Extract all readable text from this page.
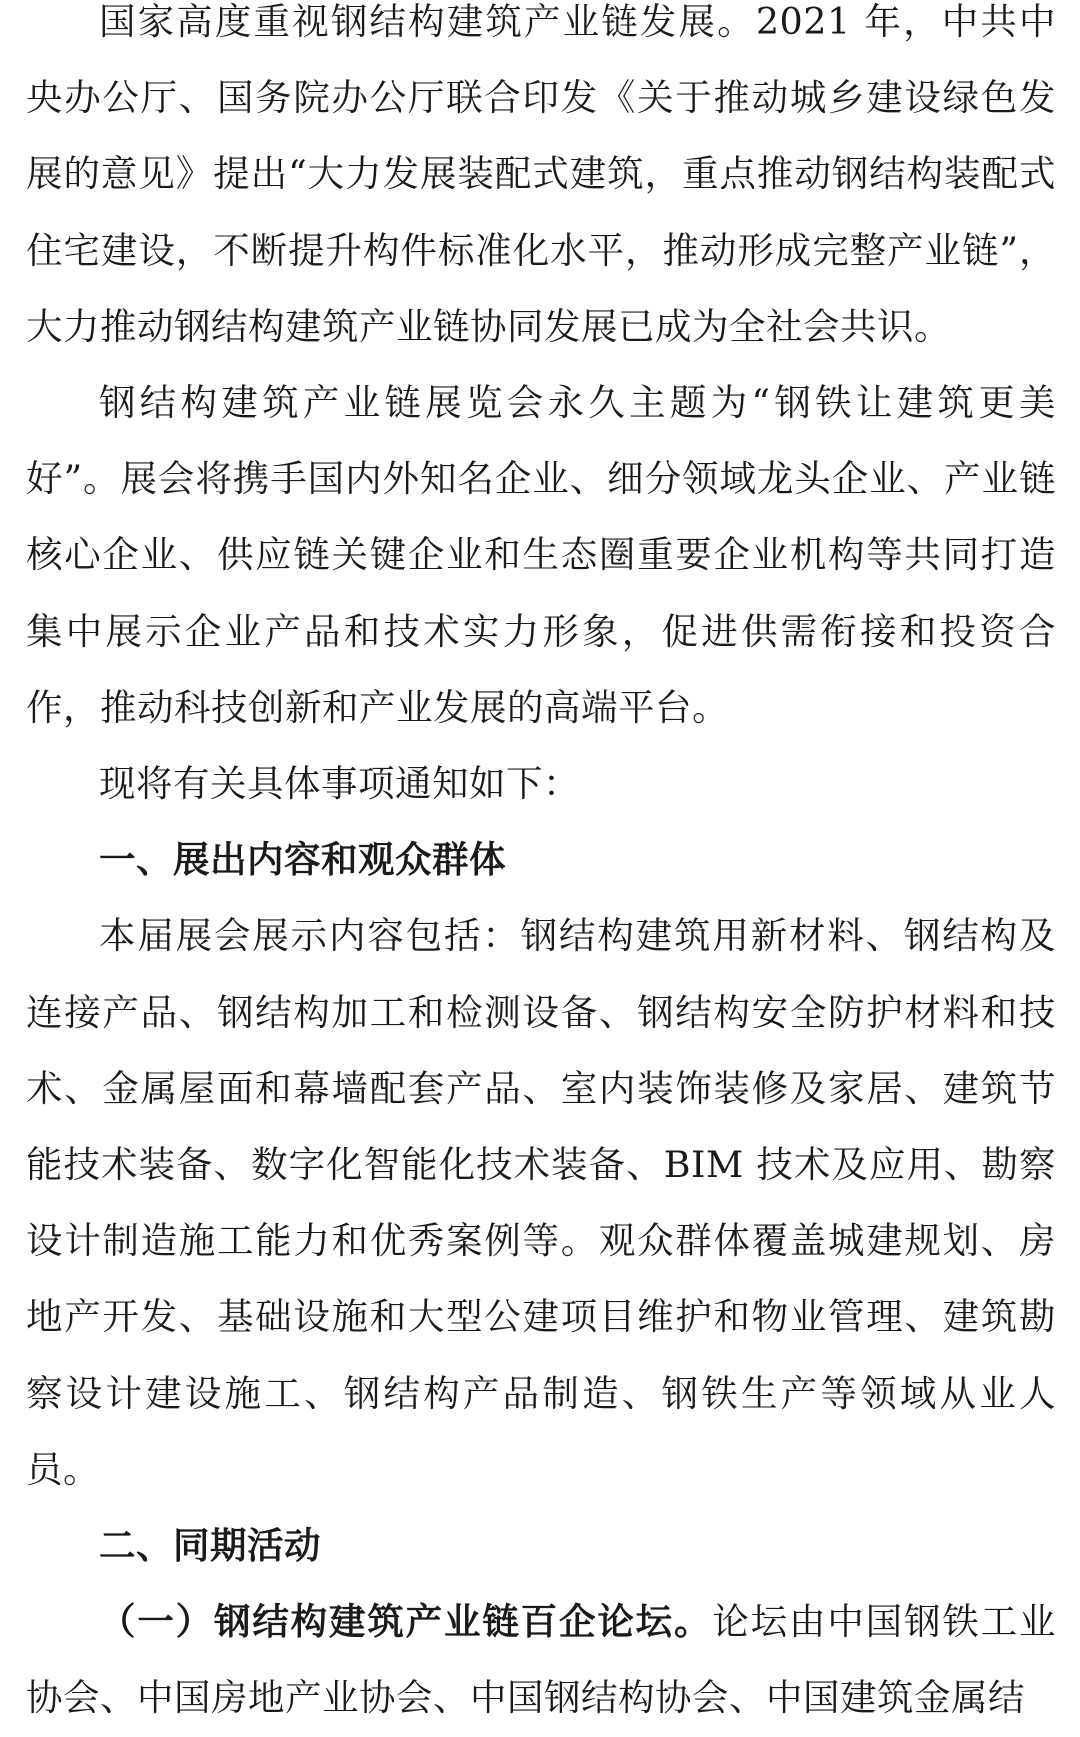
国家高度重视钢结构建筑产业链发展。2021 年，中共中央办公厅、国务院办公厅联合印发《关于推动城乡建设绿色发展的意见》提出“大力发展装配式建筑，重点推动钢结构装配式住宅建设，不断提升构件标准化水平，推动形成完整产业链”，大力推动钢结构建筑产业链协同发展已成为全社会共识。

钢结构建筑产业链展览会永久主题为“钢铁让建筑更美好”。展会将携手国内外知名企业、细分领域龙头企业、产业链核心企业、供应链关键企业和生态圈重要企业机构等共同打造集中展示企业产品和技术实力形象，促进供需衔接和投资合作，推动科技创新和产业发展的高端平台。

现将有关具体事项通知如下：

一、展出内容和观众群体

本届展会展示内容包括：钢结构建筑用新材料、钢结构及连接产品、钢结构加工和检测设备、钢结构安全防护材料和技术、金属屋面和幕墙配套产品、室内装饰装修及家居、建筑节能技术装备、数字化智能化技术装备、BIM 技术及应用、勘察设计制造施工能力和优秀案例等。观众群体覆盖城建规划、房地产开发、基础设施和大型公建项目维护和物业管理、建筑勘察设计建设施工、钢结构产品制造、钢铁生产等领域从业人员。

二、同期活动

（一）钢结构建筑产业链百企论坛。论坛由中国钢铁工业协会、中国房地产业协会、中国钢结构协会、中国建筑金属结
